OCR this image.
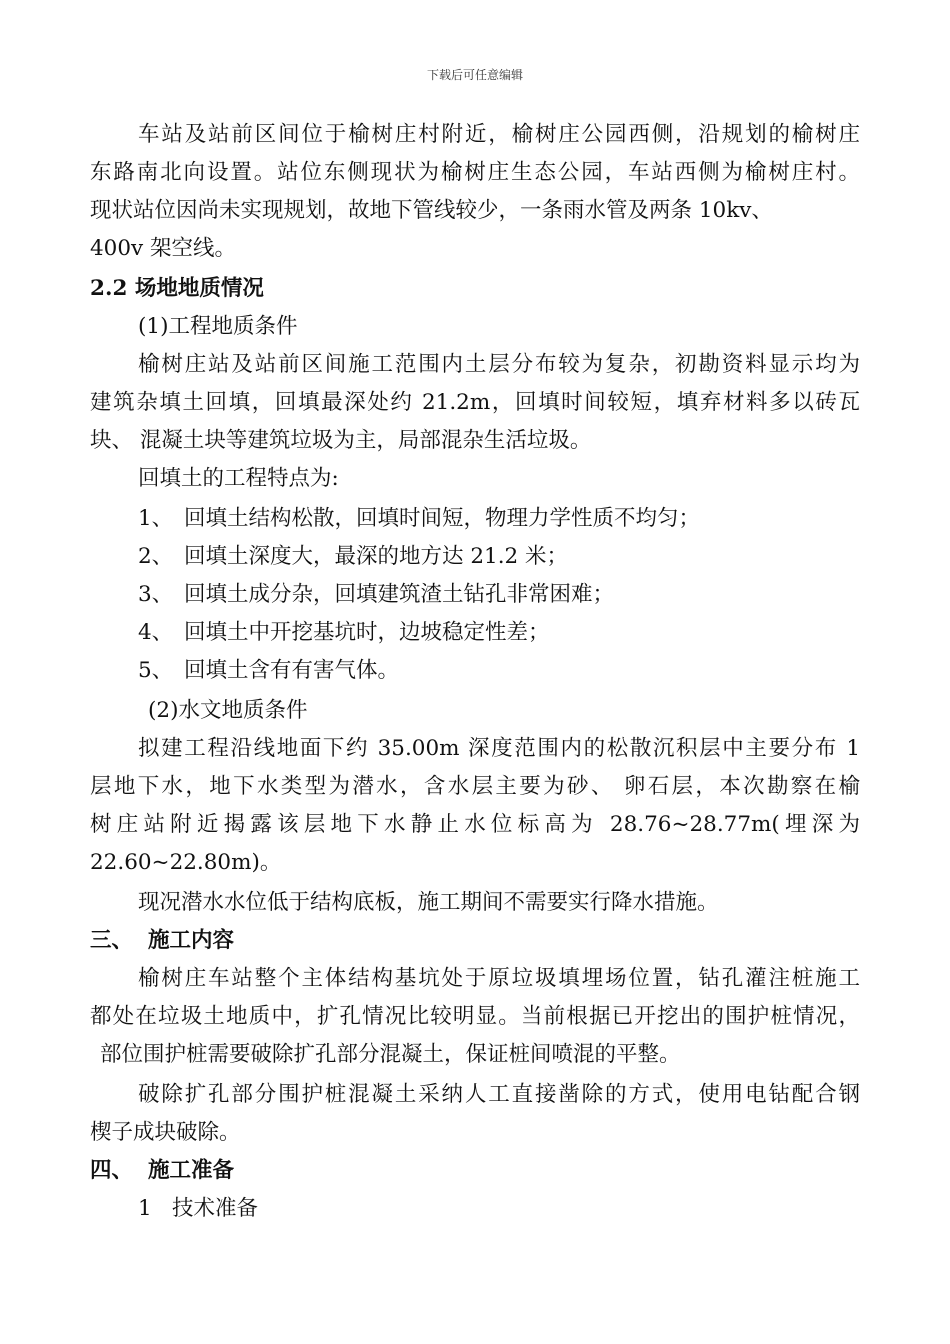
下载后可任意编辑
车站及站前区间位于榆树庄村附近，榆树庄公园西侧，沿规划的榆树庄
东路南北向设置。站位东侧现状为榆树庄生态公园，车站西侧为榆树庄村。
现状站位因尚未实现规划，故地下管线较少，一条雨水管及两条 10kv、
400v 架空线。
2.2 场地地质情况
(1)工程地质条件
榆树庄站及站前区间施工范围内土层分布较为复杂，初勘资料显示均为
建筑杂填土回填，回填最深处约 21.2m，回填时间较短，填弃材料多以砖瓦
块、 混凝土块等建筑垃圾为主，局部混杂生活垃圾。
回填土的工程特点为:
1、 回填土结构松散，回填时间短，物理力学性质不均匀；
2、 回填土深度大，最深的地方达 21.2 米；
3、 回填土成分杂，回填建筑渣土钻孔非常困难；
4、 回填土中开挖基坑时，边坡稳定性差；
5、 回填土含有有害气体。
(2)水文地质条件
拟建工程沿线地面下约 35.00m 深度范围内的松散沉积层中主要分布 1
层地下水，地下水类型为潜水，含水层主要为砂、 卵石层，本次勘察在榆
树庄站附近揭露该层地下水静止水位标高为 28.76~28.77m(埋深为
22.60~22.80m)。
现况潜水水位低于结构底板，施工期间不需要实行降水措施。
三、 施工内容
榆树庄车站整个主体结构基坑处于原垃圾填埋场位置，钻孔灌注桩施工
都处在垃圾土地质中，扩孔情况比较明显。当前根据已开挖出的围护桩情况，
部位围护桩需要破除扩孔部分混凝土，保证桩间喷混的平整。
破除扩孔部分围护桩混凝土采纳人工直接凿除的方式，使用电钻配合钢
楔子成块破除。
四、 施工准备
1 技术准备
